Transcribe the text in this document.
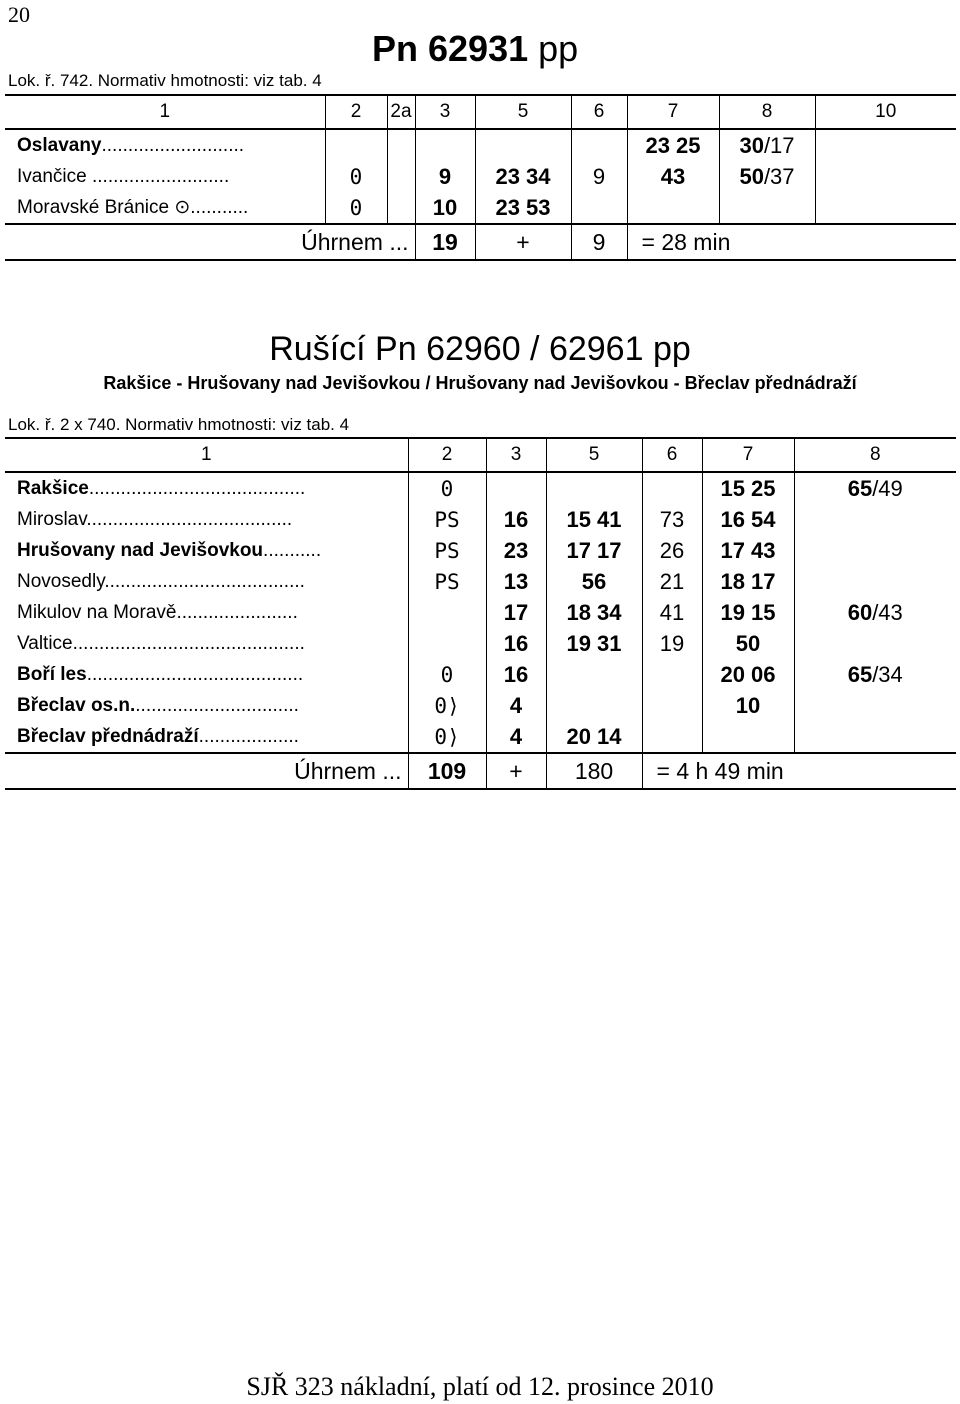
20
Pn 62931 pp
Lok. ř. 742. Normativ hmotnosti: viz tab. 4
1	2	2a	3	5	6	7	8	10
Oslavany...........................						23 25	30/17	
Ivančice ..........................	0		9	23 34	9	43	50/37	
Moravské Bránice ⊙...........	0		10	23 53				
Úhrnem ...			19	+	9	= 28 min		
Rušící Pn 62960 / 62961 pp
Rakšice - Hrušovany nad Jevišovkou / Hrušovany nad Jevišovkou - Břeclav přednádraží
Lok. ř. 2 x 740. Normativ hmotnosti: viz tab. 4
1	2	3	5	6	7	8
Rakšice.........................................	0				15 25	65/49
Miroslav.......................................	PS	16	15 41	73	16 54	
Hrušovany nad Jevišovkou...........	PS	23	17 17	26	17 43	
Novosedly......................................	PS	13	56	21	18 17	
Mikulov na Moravě.......................		17	18 34	41	19 15	60/43
Valtice............................................		16	19 31	19	50	
Boří les.........................................	0	16			20 06	65/34
Břeclav os.n................................	0⟩	4			10	
Břeclav přednádraží...................	0⟩	4	20 14			
Úhrnem ...	109	+	180	= 4 h 49 min		
SJŘ 323 nákladní, platí od 12. prosince 2010
